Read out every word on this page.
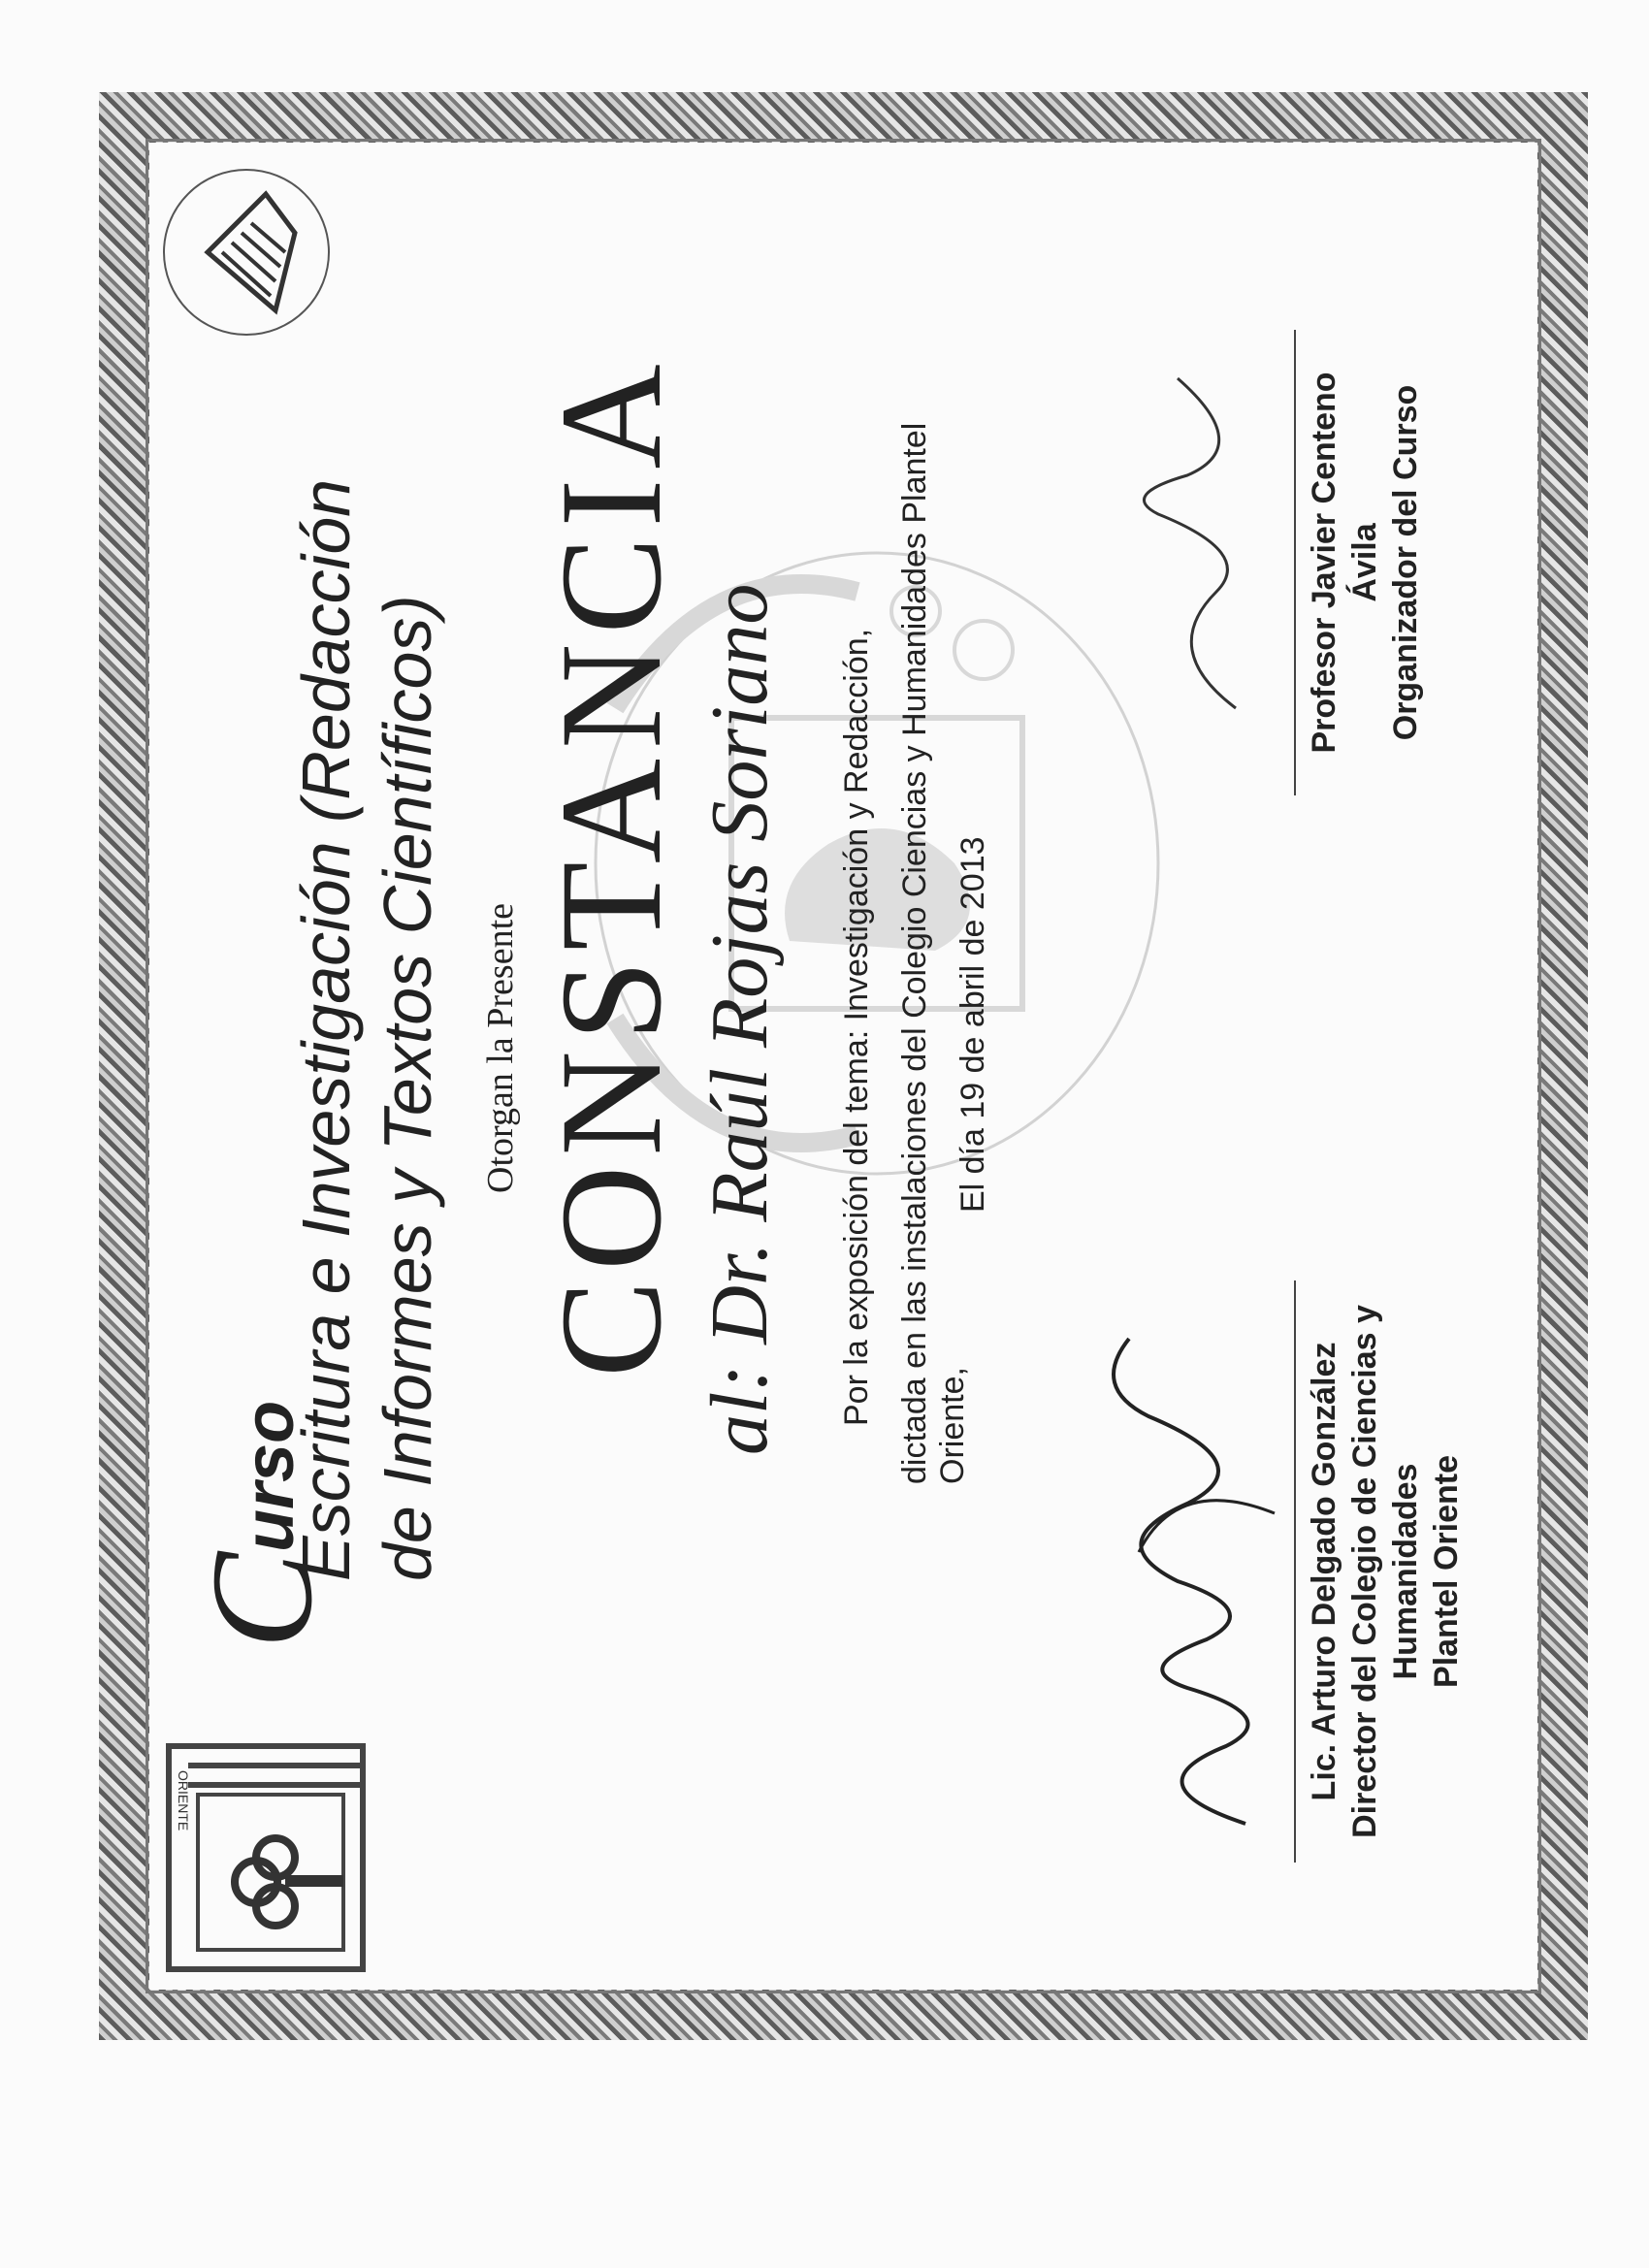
ORIENTE
Curso
Escritura e Investigación (Redacción de Informes y Textos Científicos) Otorgan la Presente CONSTANCIA al: Dr. Raúl Rojas Soriano Por la exposición del tema: Investigación y Redacción, dictada en las instalaciones del Colegio Ciencias y Humanidades Plantel Oriente,
El día 19 de abril de 2013
Lic. Arturo Delgado González Director del Colegio de Ciencias y Humanidades Plantel Oriente
Profesor Javier Centeno Ávila Organizador del Curso
